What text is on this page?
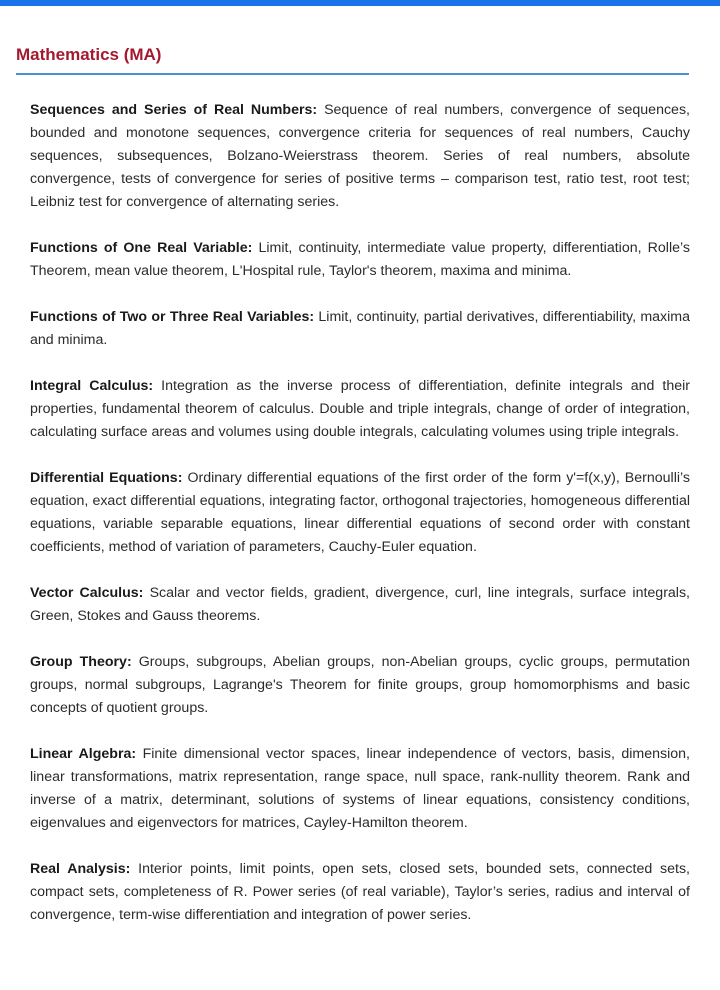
Mathematics (MA)

Sequences and Series of Real Numbers: Sequence of real numbers, convergence of sequences, bounded and monotone sequences, convergence criteria for sequences of real numbers, Cauchy sequences, subsequences, Bolzano-Weierstrass theorem. Series of real numbers, absolute convergence, tests of convergence for series of positive terms – comparison test, ratio test, root test; Leibniz test for convergence of alternating series.

Functions of One Real Variable: Limit, continuity, intermediate value property, differentiation, Rolle’s Theorem, mean value theorem, L'Hospital rule, Taylor's theorem, maxima and minima.

Functions of Two or Three Real Variables: Limit, continuity, partial derivatives, differentiability, maxima and minima.

Integral Calculus: Integration as the inverse process of differentiation, definite integrals and their properties, fundamental theorem of calculus. Double and triple integrals, change of order of integration, calculating surface areas and volumes using double integrals, calculating volumes using triple integrals.

Differential Equations: Ordinary differential equations of the first order of the form y'=f(x,y), Bernoulli’s equation, exact differential equations, integrating factor, orthogonal trajectories, homogeneous differential equations, variable separable equations, linear differential equations of second order with constant coefficients, method of variation of parameters, Cauchy-Euler equation.

Vector Calculus: Scalar and vector fields, gradient, divergence, curl, line integrals, surface integrals, Green, Stokes and Gauss theorems.

Group Theory: Groups, subgroups, Abelian groups, non-Abelian groups, cyclic groups, permutation groups, normal subgroups, Lagrange's Theorem for finite groups, group homomorphisms and basic concepts of quotient groups.

Linear Algebra: Finite dimensional vector spaces, linear independence of vectors, basis, dimension, linear transformations, matrix representation, range space, null space, rank-nullity theorem. Rank and inverse of a matrix, determinant, solutions of systems of linear equations, consistency conditions, eigenvalues and eigenvectors for matrices, Cayley-Hamilton theorem.

Real Analysis: Interior points, limit points, open sets, closed sets, bounded sets, connected sets, compact sets, completeness of R. Power series (of real variable), Taylor’s series, radius and interval of convergence, term-wise differentiation and integration of power series.
